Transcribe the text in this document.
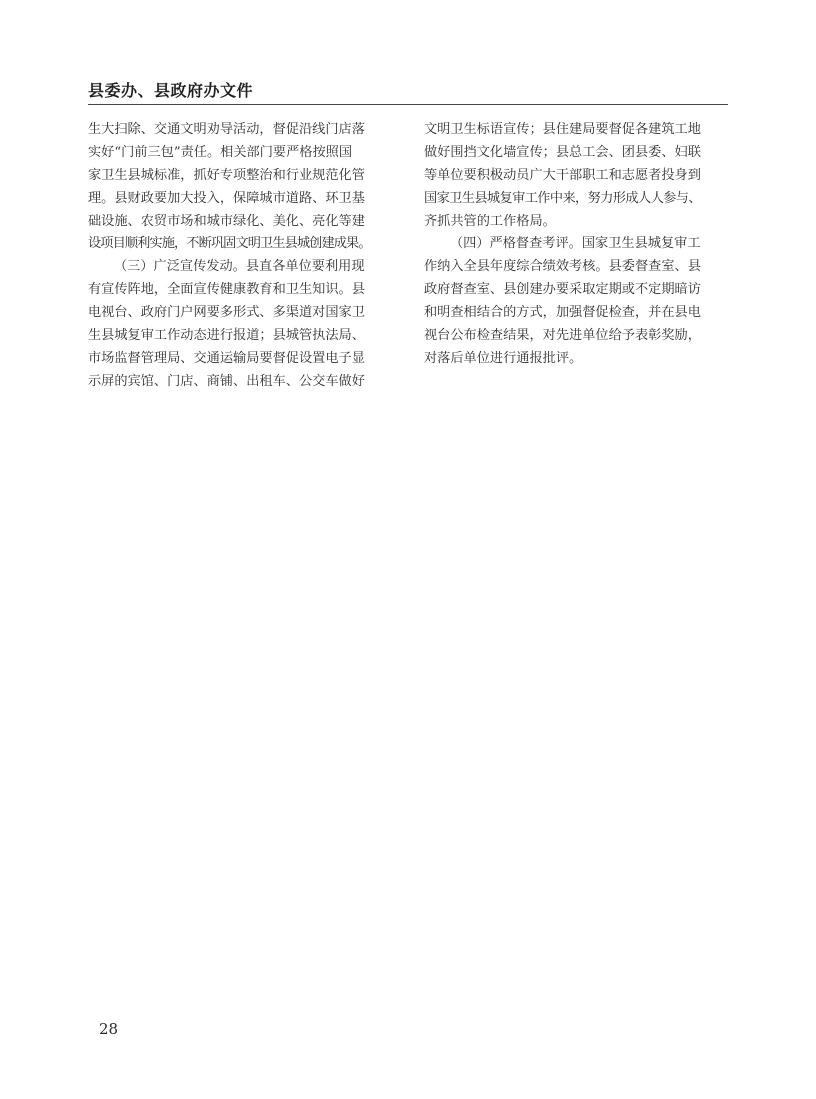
县委办、县政府办文件
生大扫除、交通文明劝导活动，督促沿线门店落
实好“门前三包”责任。相关部门要严格按照国
家卫生县城标准，抓好专项整治和行业规范化管
理。县财政要加大投入，保障城市道路、环卫基
础设施、农贸市场和城市绿化、美化、亮化等建
设项目顺利实施，不断巩固文明卫生县城创建成果。
（三）广泛宣传发动。县直各单位要利用现
有宣传阵地，全面宣传健康教育和卫生知识。县
电视台、政府门户网要多形式、多渠道对国家卫
生县城复审工作动态进行报道；县城管执法局、
市场监督管理局、交通运输局要督促设置电子显
示屏的宾馆、门店、商铺、出租车、公交车做好
文明卫生标语宣传；县住建局要督促各建筑工地
做好围挡文化墙宣传；县总工会、团县委、妇联
等单位要积极动员广大干部职工和志愿者投身到
国家卫生县城复审工作中来，努力形成人人参与、
齐抓共管的工作格局。
（四）严格督查考评。国家卫生县城复审工
作纳入全县年度综合绩效考核。县委督查室、县
政府督查室、县创建办要采取定期或不定期暗访
和明查相结合的方式，加强督促检查，并在县电
视台公布检查结果，对先进单位给予表彰奖励，
对落后单位进行通报批评。
28
